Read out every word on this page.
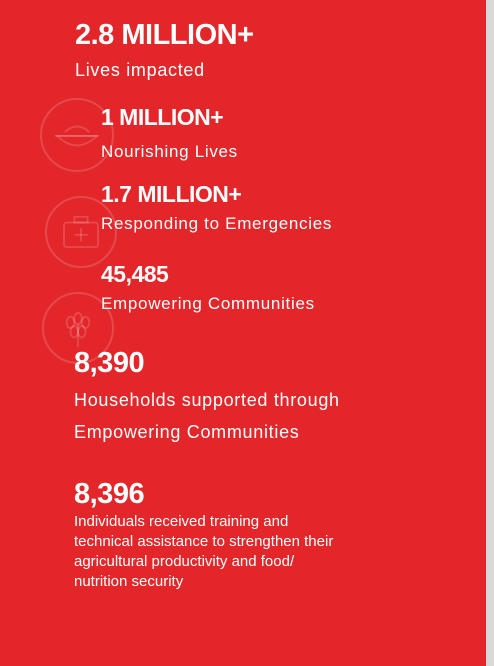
2.8 MILLION+
Lives impacted
1 MILLION+
Nourishing Lives
1.7 MILLION+
Responding to Emergencies
45,485
Empowering Communities
8,390
Households supported through
Empowering Communities
8,396
Individuals received training and
technical assistance to strengthen their
agricultural productivity and food/
nutrition security
